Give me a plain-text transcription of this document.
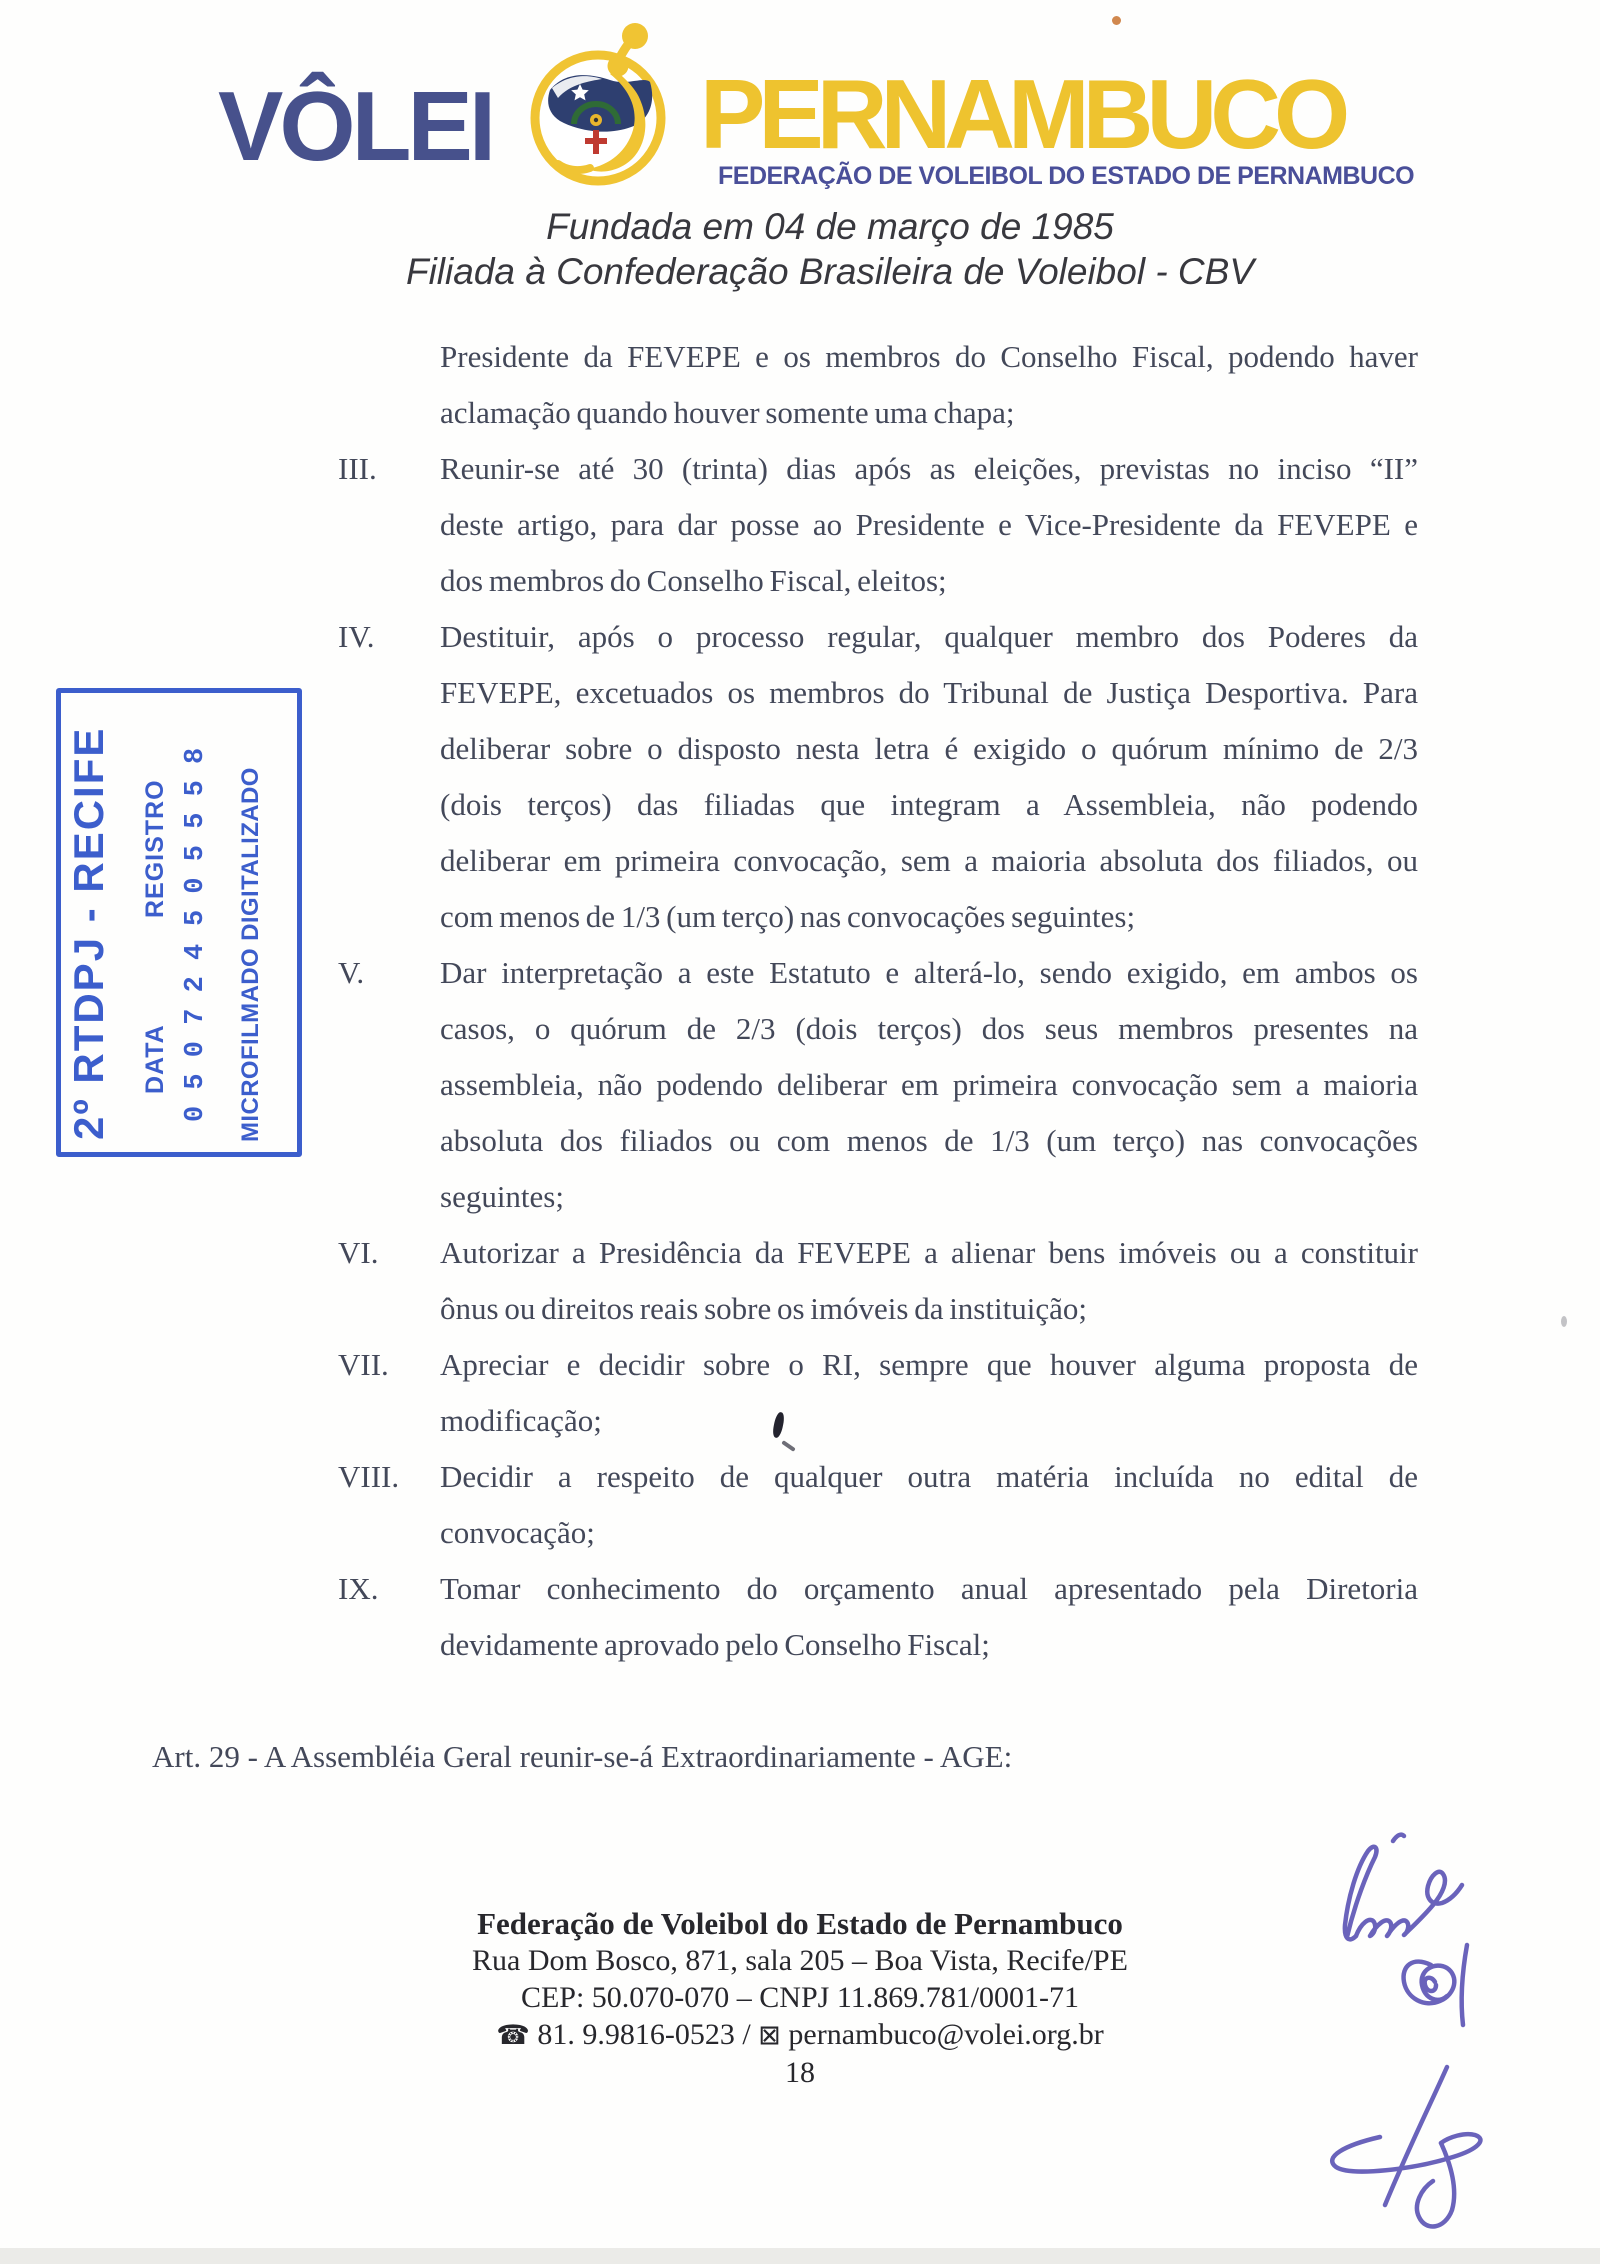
VÔLEI PERNAMBUCO
FEDERAÇÃO DE VOLEIBOL DO ESTADO DE PERNAMBUCO
Fundada em 04 de março de 1985
Filiada à Confederação Brasileira de Voleibol - CBV
2º RTDPJ - RECIFE DATA
REGISTRO
0 5 0 7 2 4
5 0 5 5 5 8 MICROFILMADO DIGITALIZADO
Presidente da FEVEPE e os membros do Conselho Fiscal, podendo haver
aclamação quando houver somente uma chapa;
III.	Reunir-se até 30 (trinta) dias após as eleições, previstas no inciso “II”
deste artigo, para dar posse ao Presidente e Vice-Presidente da FEVEPE e
dos membros do Conselho Fiscal, eleitos;
IV.	Destituir, após o processo regular, qualquer membro dos Poderes da
FEVEPE, excetuados os membros do Tribunal de Justiça Desportiva. Para
deliberar sobre o disposto nesta letra é exigido o quórum mínimo de 2/3
(dois terços) das filiadas que integram a Assembleia, não podendo
deliberar em primeira convocação, sem a maioria absoluta dos filiados, ou
com menos de 1/3 (um terço) nas convocações seguintes;
V.	Dar interpretação a este Estatuto e alterá-lo, sendo exigido, em ambos os
casos, o quórum de 2/3 (dois terços) dos seus membros presentes na
assembleia, não podendo deliberar em primeira convocação sem a maioria
absoluta dos filiados ou com menos de 1/3 (um terço) nas convocações
seguintes;
VI.	Autorizar a Presidência da FEVEPE a alienar bens imóveis ou a constituir
ônus ou direitos reais sobre os imóveis da instituição;
VII.	Apreciar e decidir sobre o RI, sempre que houver alguma proposta de
modificação;
VIII.	Decidir a respeito de qualquer outra matéria incluída no edital de
convocação;
IX.	Tomar conhecimento do orçamento anual apresentado pela Diretoria
devidamente aprovado pelo Conselho Fiscal;
Art. 29 - A Assembléia Geral reunir-se-á Extraordinariamente - AGE:
Federação de Voleibol do Estado de Pernambuco
Rua Dom Bosco, 871, sala 205 – Boa Vista, Recife/PE
CEP: 50.070-070 – CNPJ 11.869.781/0001-71
☎ 81. 9.9816-0523 / ⊠ pernambuco@volei.org.br
18
